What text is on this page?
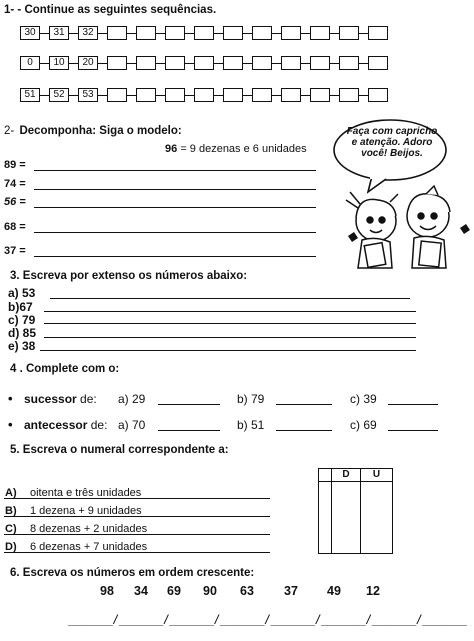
1- - Continue as seguintes sequências.
30	31	32
0	10	20
51	52	53
2- Decomponha: Siga o modelo:
96 = 9 dezenas e 6 unidades
89 =
74 =
56 =
68 =
37 =
Faça com capricho e atenção. Adoro você! Beijos.
3. Escreva por extenso os números abaixo:
a) 53
b)67
c) 79
d) 85
e) 38
4 . Complete com o:
• sucessor de: a) 29	b) 79	c) 39
• antecessor de: a) 70	b) 51	c) 69
5. Escreva o numeral correspondente a:
D	U
A) oitenta e três unidades
B) 1 dezena + 9 unidades
C) 8 dezenas + 2 unidades
D) 6 dezenas + 7 unidades
6. Escreva os números em ordem crescente:
98 34 69 90 63 37 49 12
_______/_______/_______/_______/_______/_______/_______/_______
